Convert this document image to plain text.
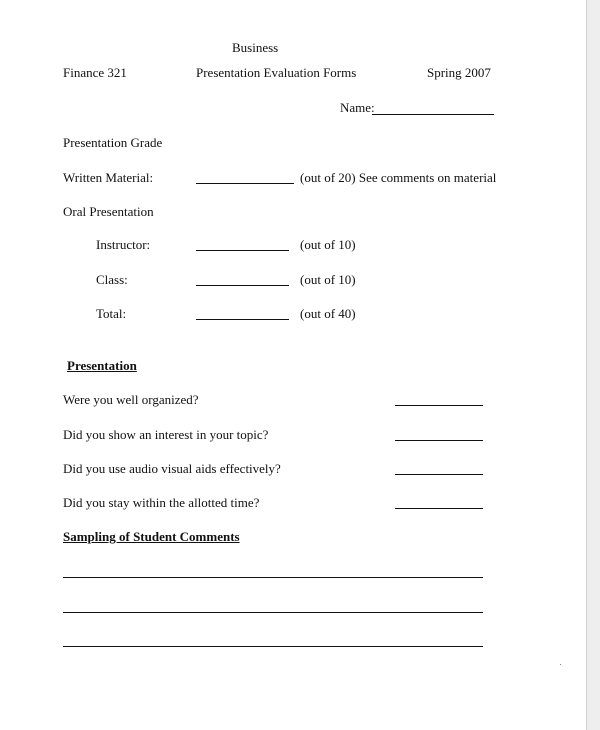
Business
Finance 321	Presentation Evaluation Forms	Spring 2007
Name:
Presentation Grade
Written Material:	(out of 20) See comments on material
Oral Presentation
Instructor:	(out of 10)
Class:	(out of 10)
Total:	(out of 40)
Presentation
Were you well organized?
Did you show an interest in your topic?
Did you use audio visual aids effectively?
Did you stay within the allotted time?
Sampling of Student Comments
